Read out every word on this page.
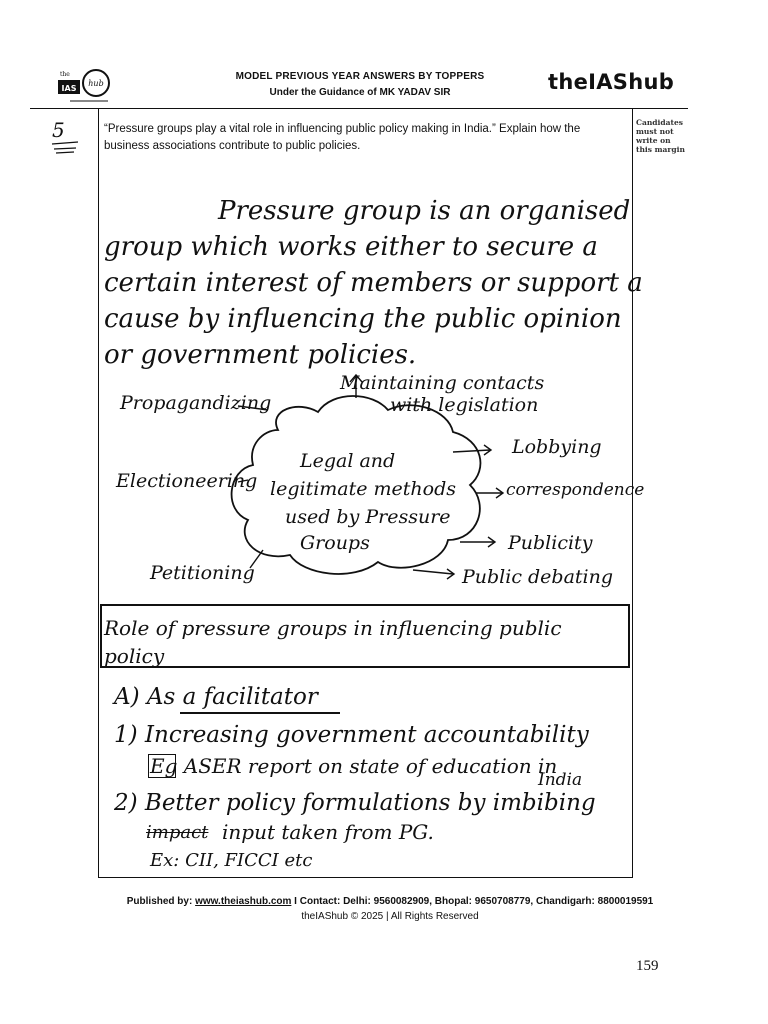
IAS
hub
the	MODEL PREVIOUS YEAR ANSWERS BY TOPPERS
Under the Guidance of MK YADAV SIR	theIAShub
Candidates must not write on this margin
5	“Pressure groups play a vital role in influencing public policy making in India.” Explain how the business associations contribute to public policies.
Pressure group is an organised
group which works either to secure a
certain interest of members or support a
cause by influencing the public opinion
or government policies.
Legal and
legitimate methods
used by Pressure
Groups
Propagandizing
Electioneering
Petitioning
Maintaining contacts
with legislation
Lobbying
correspondence
Publicity
Public debating
Role of pressure groups in influencing public
policy
A) As a facilitator
1) Increasing government accountability
Eg ASER report on state of education in
India
2) Better policy formulations by imbibing
impact input taken from PG.
Ex: CII, FICCI etc
Published by: www.theiashub.com I Contact: Delhi: 9560082909, Bhopal: 9650708779, Chandigarh: 8800019591
theIAShub © 2025 | All Rights Reserved
159
